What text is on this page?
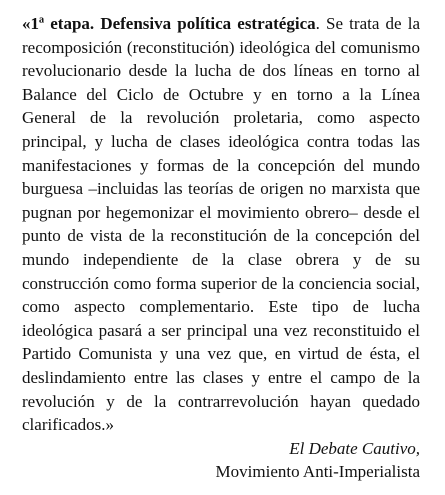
«1ª etapa. Defensiva política estratégica. Se trata de la recomposición (reconstitución) ideológica del comunismo revolucionario desde la lucha de dos líneas en torno al Balance del Ciclo de Octubre y en torno a la Línea General de la revolución proletaria, como aspecto principal, y lucha de clases ideológica contra todas las manifestaciones y formas de la concepción del mundo burguesa –incluidas las teorías de origen no marxista que pugnan por hegemonizar el movimiento obrero– desde el punto de vista de la reconstitución de la concepción del mundo independiente de la clase obrera y de su construcción como forma superior de la conciencia social, como aspecto complementario. Este tipo de lucha ideológica pasará a ser principal una vez reconstituido el Partido Comunista y una vez que, en virtud de ésta, el deslindamiento entre las clases y entre el campo de la revolución y de la contrarrevolución hayan quedado clarificados.»

El Debate Cautivo,
Movimiento Anti-Imperialista
